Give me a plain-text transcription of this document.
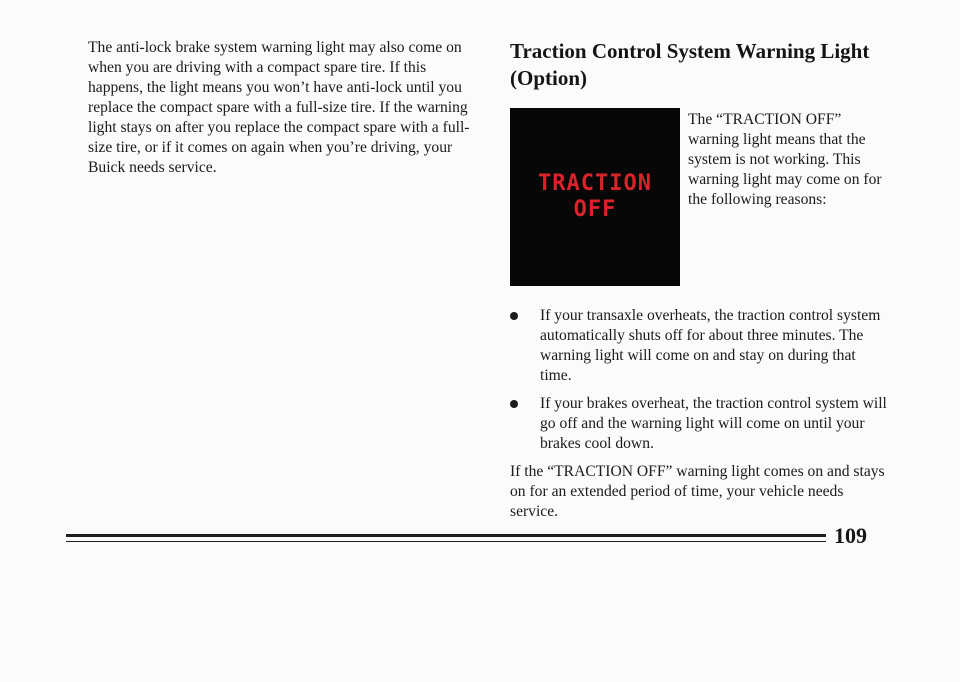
The anti-lock brake system warning light may also come on when you are driving with a compact spare tire. If this happens, the light means you won’t have anti-lock until you replace the compact spare with a full-size tire. If the warning light stays on after you replace the compact spare with a full-size tire, or if it comes on again when you’re driving, your Buick needs service.

Traction Control System Warning Light (Option)
TRACTION
OFF

The “TRACTION OFF” warning light means that the system is not working. This warning light may come on for the following reasons:

If your transaxle overheats, the traction control system automatically shuts off for about three minutes. The warning light will come on and stay on during that time.
If your brakes overheat, the traction control system will go off and the warning light will come on until your brakes cool down.

If the “TRACTION OFF” warning light comes on and stays on for an extended period of time, your vehicle needs service.

109
